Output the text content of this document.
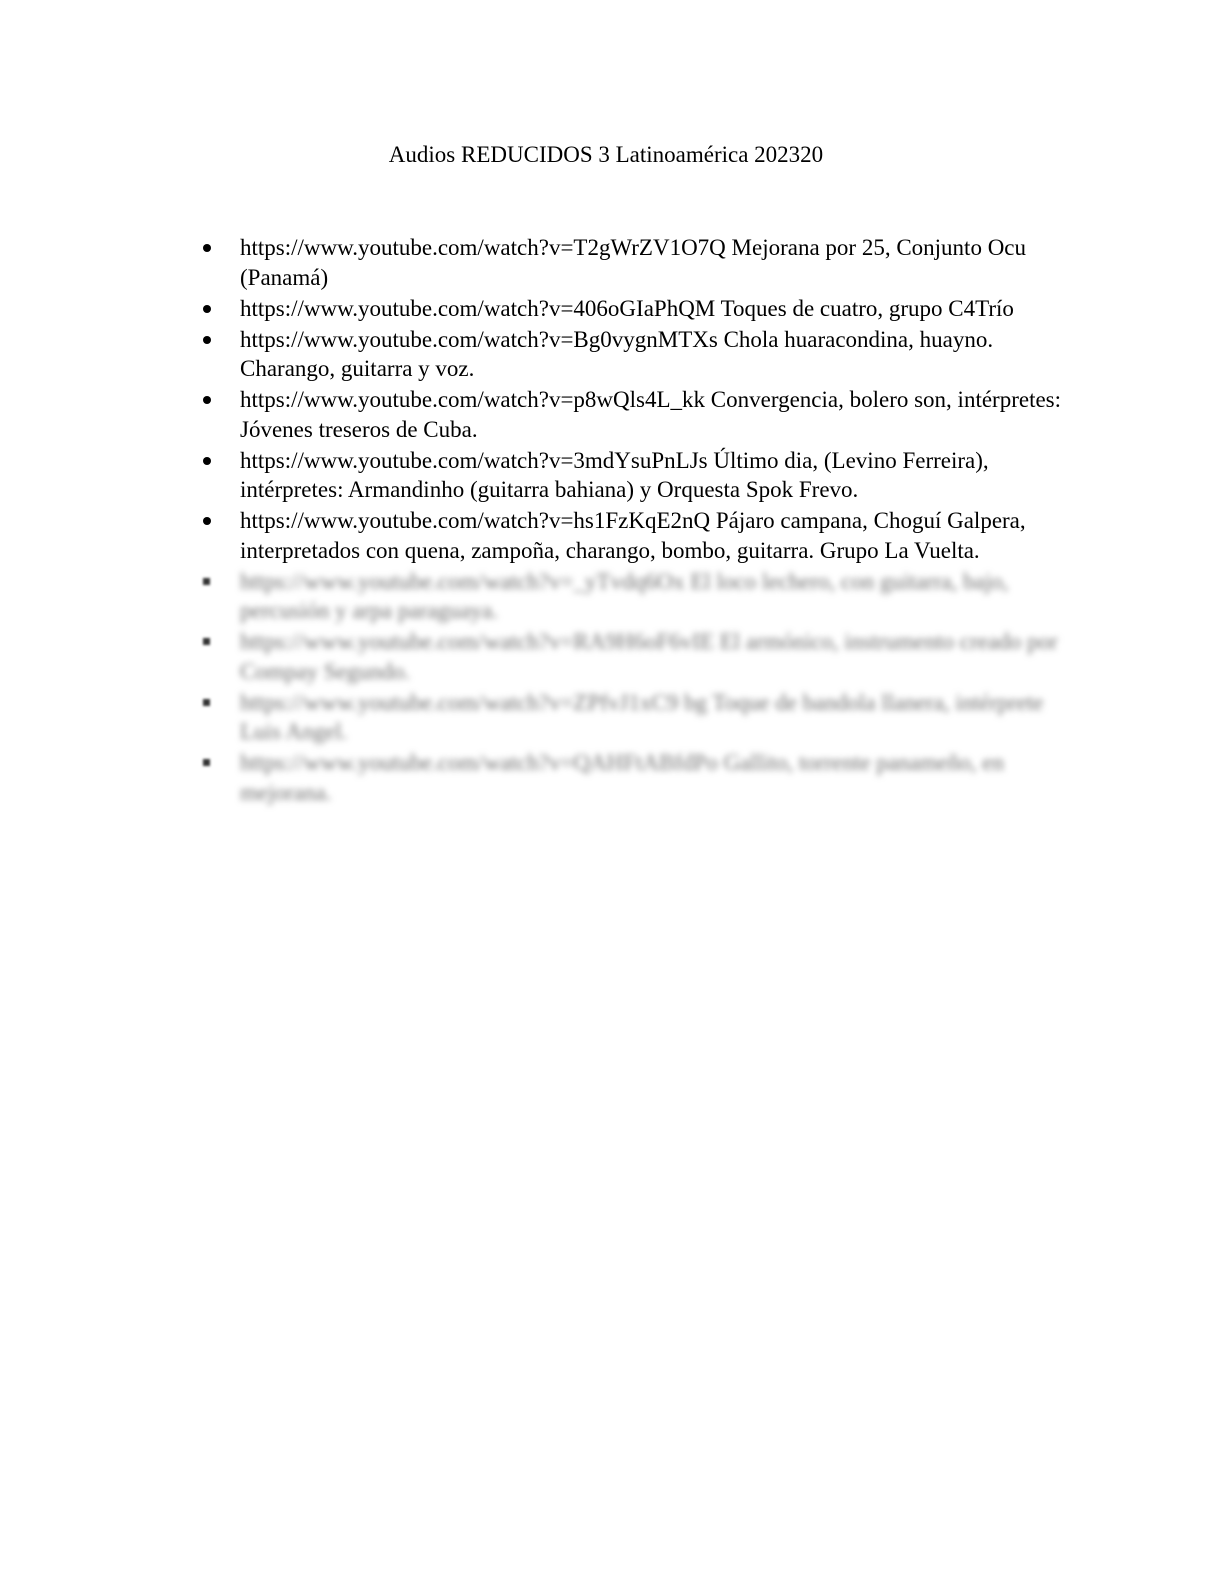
Audios REDUCIDOS 3 Latinoamérica 202320
https://www.youtube.com/watch?v=T2gWrZV1O7Q Mejorana por 25, Conjunto Ocu (Panamá)
https://www.youtube.com/watch?v=406oGIaPhQM Toques de cuatro, grupo C4Trío
https://www.youtube.com/watch?v=Bg0vygnMTXs Chola huaracondina, huayno. Charango, guitarra y voz.
https://www.youtube.com/watch?v=p8wQls4L_kk Convergencia, bolero son, intérpretes: Jóvenes treseros de Cuba.
https://www.youtube.com/watch?v=3mdYsuPnLJs Último dia, (Levino Ferreira), intérpretes: Armandinho (guitarra bahiana) y Orquesta Spok Frevo.
https://www.youtube.com/watch?v=hs1FzKqE2nQ Pájaro campana, Choguí Galpera, interpretados con quena, zampoña, charango, bombo, guitarra. Grupo La Vuelta.
https://www.youtube.com/watch?v=_yTvdq6Ox El loco lechero, con guitarra, bajo, percusión y arpa paraguaya.
https://www.youtube.com/watch?v=RA9H6oF6vIE El armónico, instrumento creado por Compay Segundo.
https://www.youtube.com/watch?v=ZPfvJ1xC9 bg Toque de bandola llanera, intérprete Luis Angel.
https://www.youtube.com/watch?v=QAHFtABfdPo Gallito, torrente panameño, en mejorana.
